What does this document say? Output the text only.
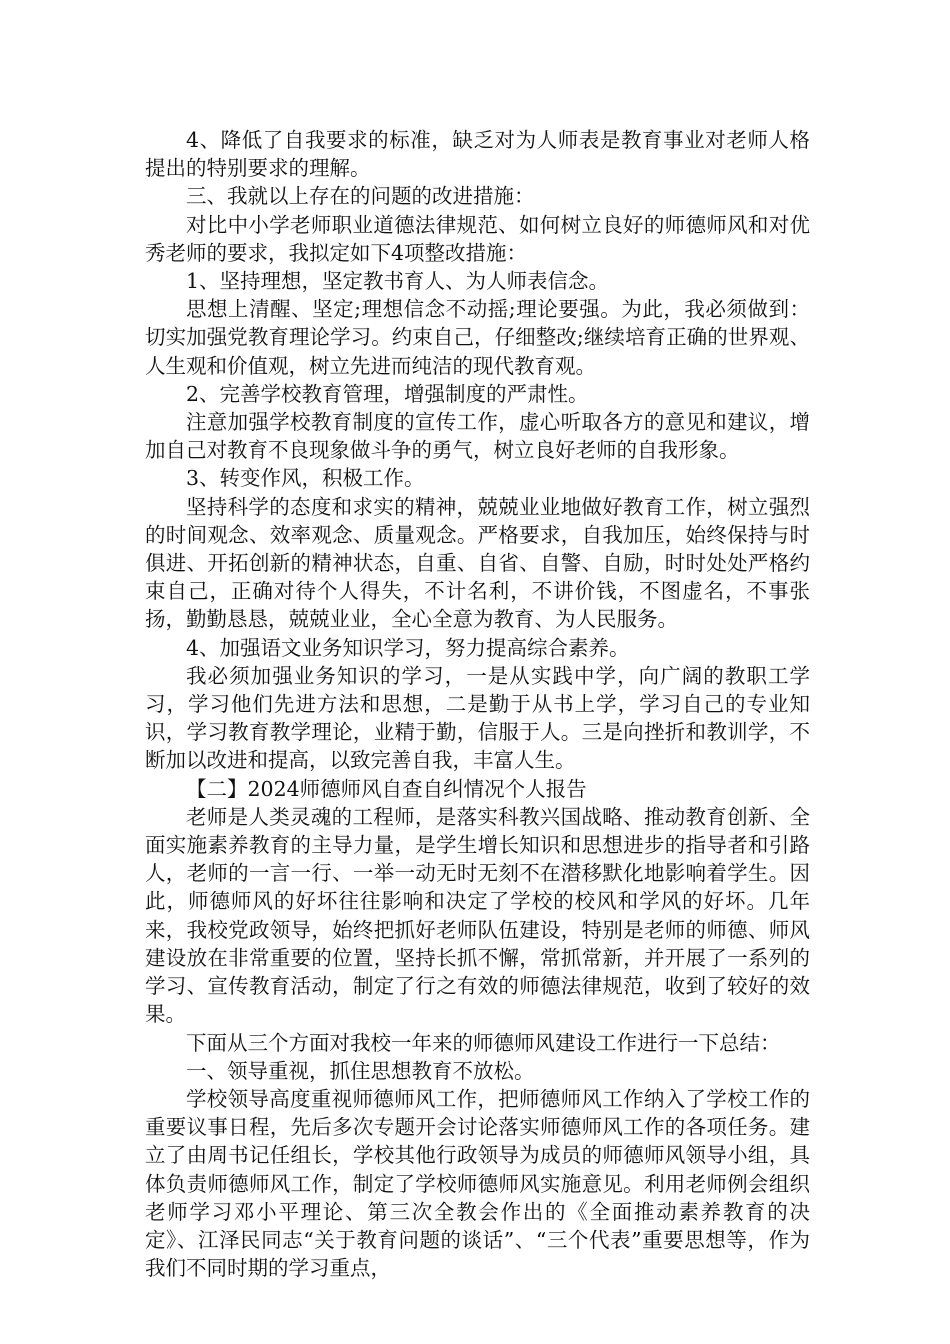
4、降低了自我要求的标准，缺乏对为人师表是教育事业对老师人格提出的特别要求的理解。

三、我就以上存在的问题的改进措施：

对比中小学老师职业道德法律规范、如何树立良好的师德师风和对优秀老师的要求，我拟定如下4项整改措施：

1、坚持理想，坚定教书育人、为人师表信念。

思想上清醒、坚定;理想信念不动摇;理论要强。为此，我必须做到：切实加强党教育理论学习。约束自己，仔细整改;继续培育正确的世界观、人生观和价值观，树立先进而纯洁的现代教育观。

2、完善学校教育管理，增强制度的严肃性。

注意加强学校教育制度的宣传工作，虚心听取各方的意见和建议，增加自己对教育不良现象做斗争的勇气，树立良好老师的自我形象。

3、转变作风，积极工作。

坚持科学的态度和求实的精神，兢兢业业地做好教育工作，树立强烈的时间观念、效率观念、质量观念。严格要求，自我加压，始终保持与时俱进、开拓创新的精神状态，自重、自省、自警、自励，时时处处严格约束自己，正确对待个人得失，不计名利，不讲价钱，不图虚名，不事张扬，勤勤恳恳，兢兢业业，全心全意为教育、为人民服务。

4、加强语文业务知识学习，努力提高综合素养。

我必须加强业务知识的学习，一是从实践中学，向广阔的教职工学习，学习他们先进方法和思想，二是勤于从书上学，学习自己的专业知识，学习教育教学理论，业精于勤，信服于人。三是向挫折和教训学，不断加以改进和提高，以致完善自我，丰富人生。

【二】2024师德师风自查自纠情况个人报告

老师是人类灵魂的工程师，是落实科教兴国战略、推动教育创新、全面实施素养教育的主导力量，是学生增长知识和思想进步的指导者和引路人，老师的一言一行、一举一动无时无刻不在潜移默化地影响着学生。因此，师德师风的好坏往往影响和决定了学校的校风和学风的好坏。几年来，我校党政领导，始终把抓好老师队伍建设，特别是老师的师德、师风建设放在非常重要的位置，坚持长抓不懈，常抓常新，并开展了一系列的学习、宣传教育活动，制定了行之有效的师德法律规范，收到了较好的效果。

下面从三个方面对我校一年来的师德师风建设工作进行一下总结：

一、领导重视，抓住思想教育不放松。

学校领导高度重视师德师风工作，把师德师风工作纳入了学校工作的重要议事日程，先后多次专题开会讨论落实师德师风工作的各项任务。建立了由周书记任组长，学校其他行政领导为成员的师德师风领导小组，具体负责师德师风工作，制定了学校师德师风实施意见。利用老师例会组织老师学习邓小平理论、第三次全教会作出的《全面推动素养教育的决定》、江泽民同志“关于教育问题的谈话”、“三个代表”重要思想等，作为我们不同时期的学习重点，
